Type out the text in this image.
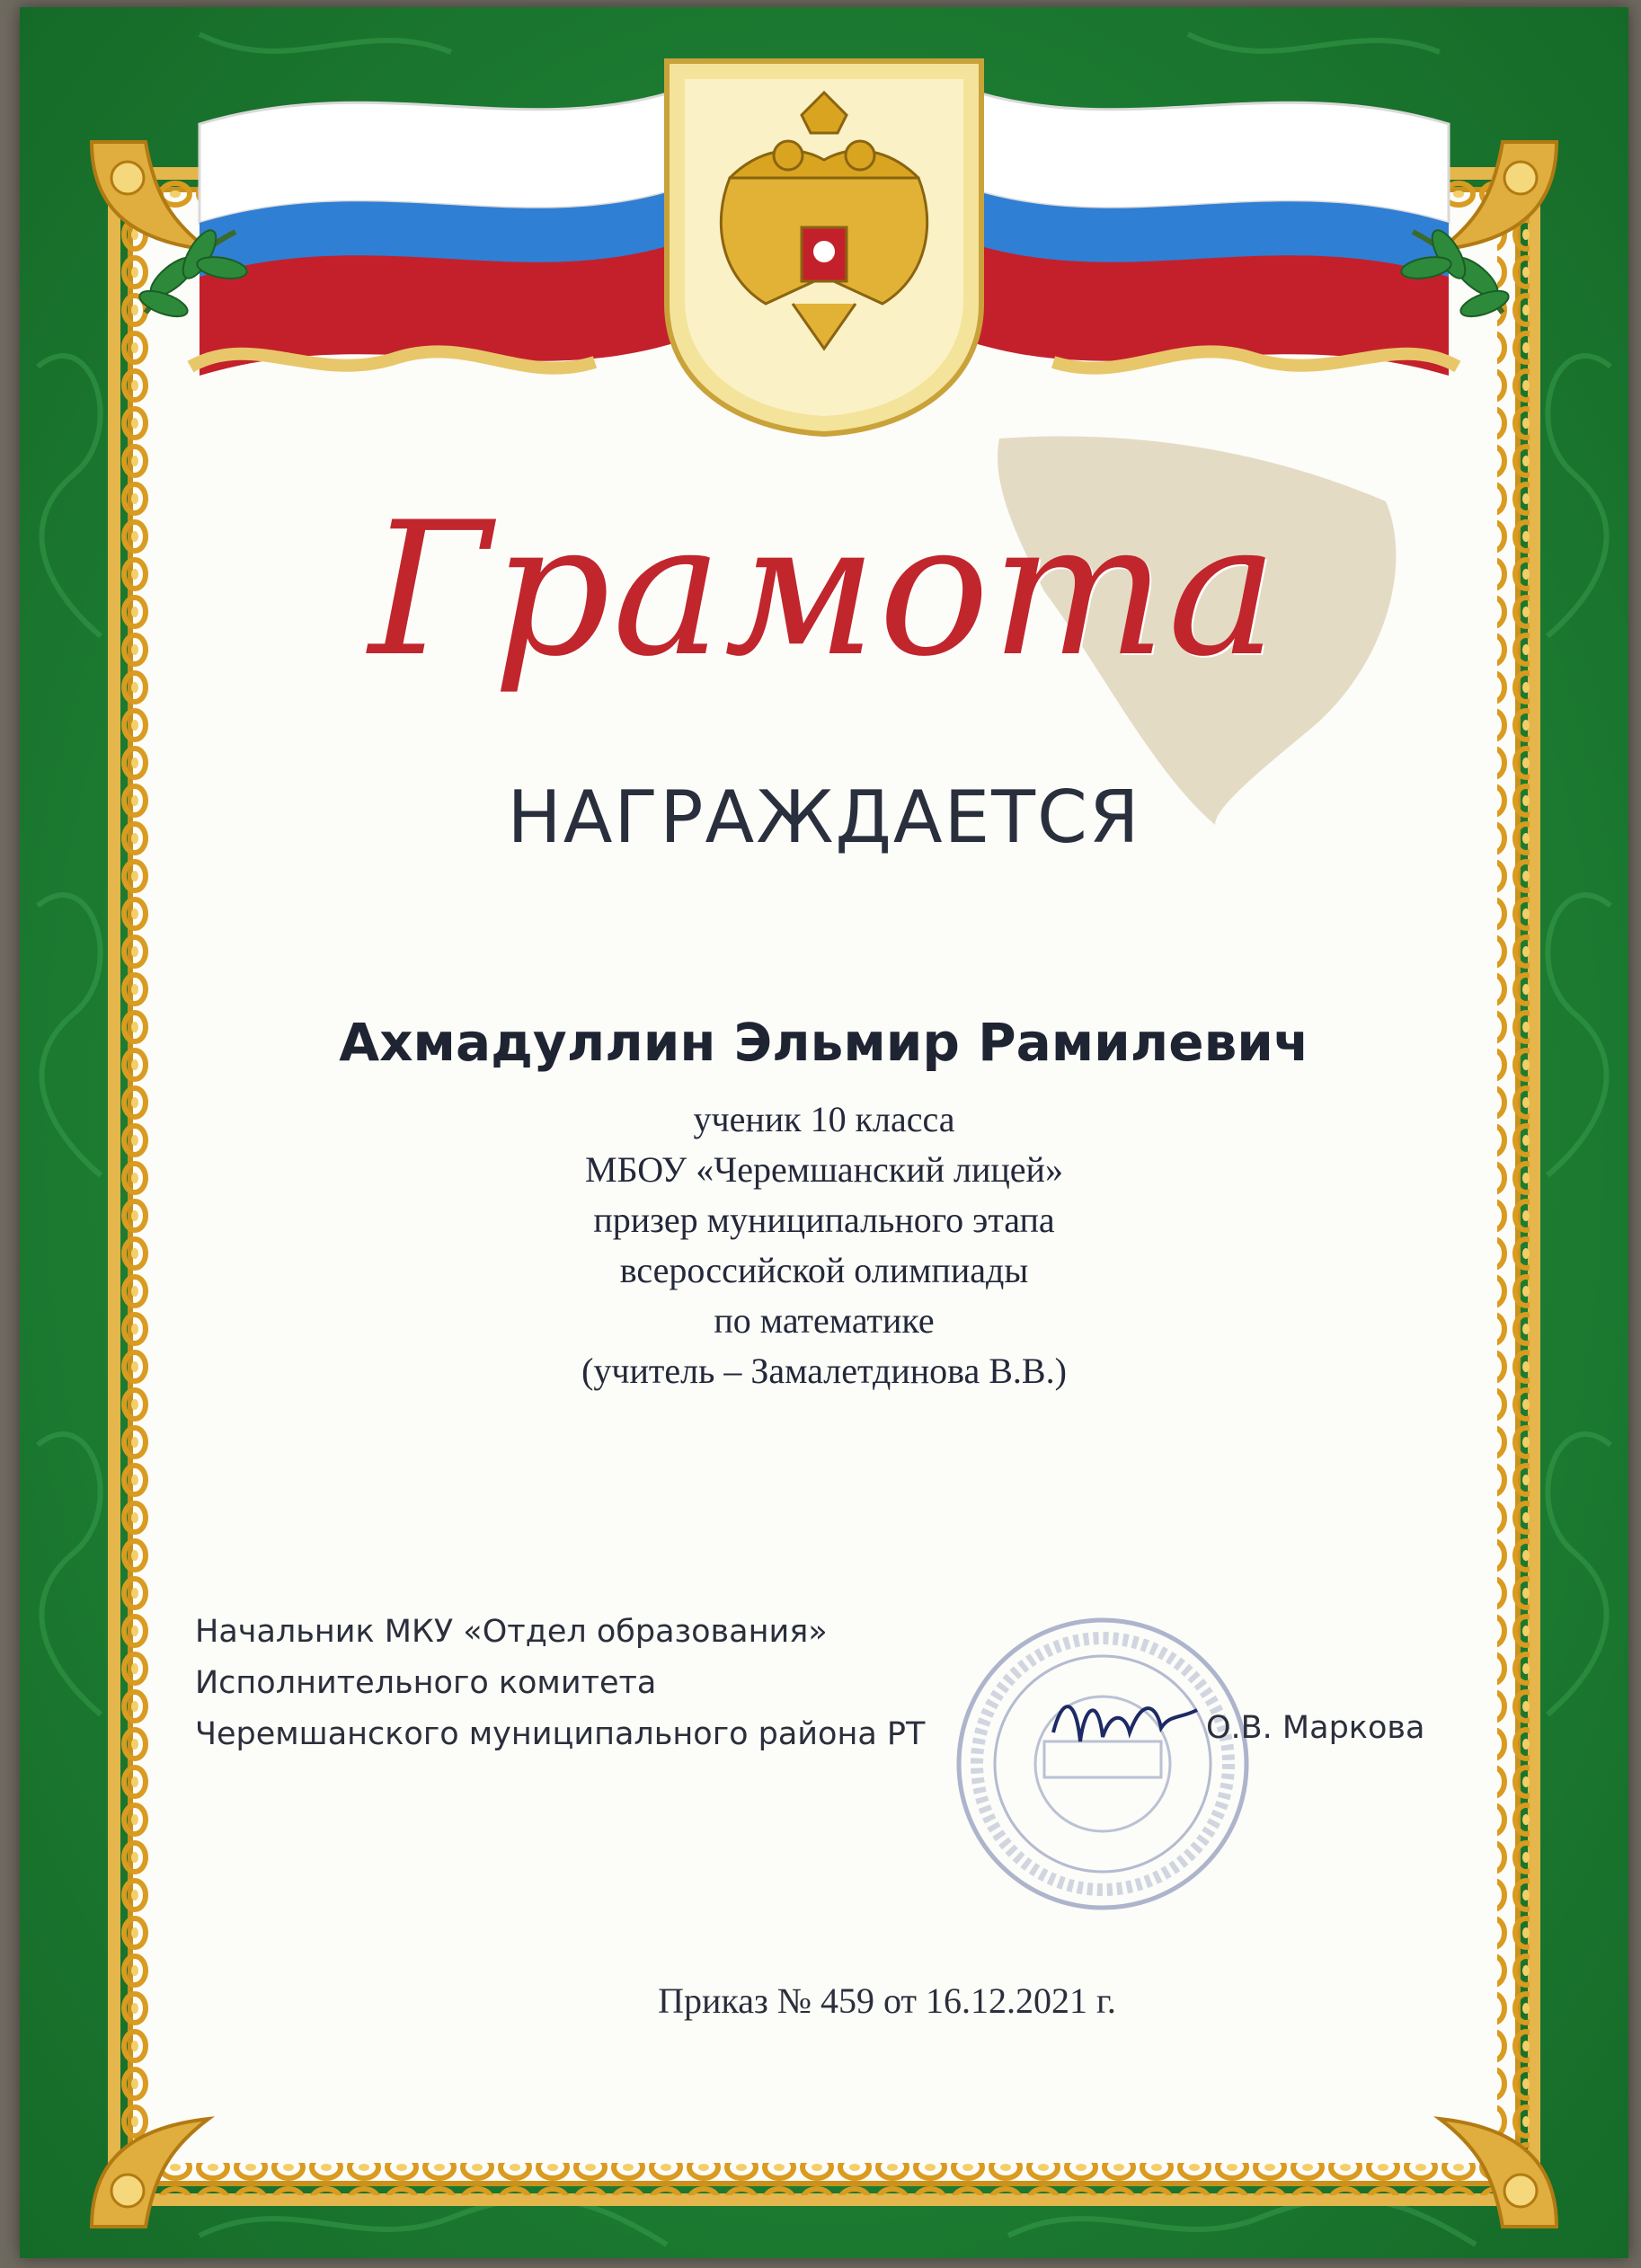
Грамота
НАГРАЖДАЕТСЯ
Ахмадуллин Эльмир Рамилевич
ученик 10 класса
МБОУ «Черемшанский лицей»
призер муниципального этапа
всероссийской олимпиады
по математике
(учитель – Замалетдинова В.В.)
Начальник МКУ «Отдел образования»
Исполнительного комитета
Черемшанского муниципального района РТ	О.В. Маркова
Приказ № 459 от 16.12.2021 г.
